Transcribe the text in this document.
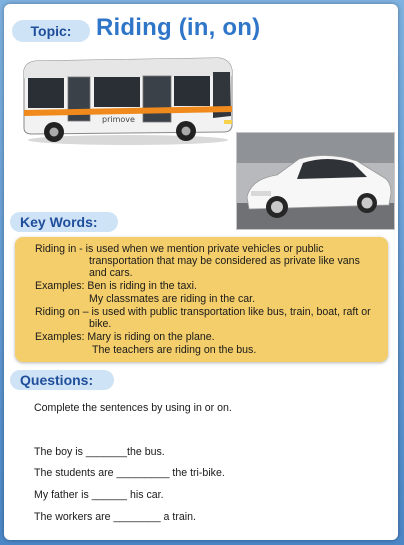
Topic:	Riding (in, on)
primove
Key Words:
Riding in - is used when we mention private vehicles or public
transportation that may be considered as private like vans
and cars.
Examples: Ben is riding in the taxi.
My classmates are riding in the car.
Riding on – is used with public transportation like bus, train, boat, raft or
bike.
Examples: Mary is riding on the plane.
The teachers are riding on the bus.
Questions:
Complete the sentences by using in or on.
The boy is _______the bus.
The students are _________ the tri-bike.
My father is ______ his car.
The workers are ________ a train.
